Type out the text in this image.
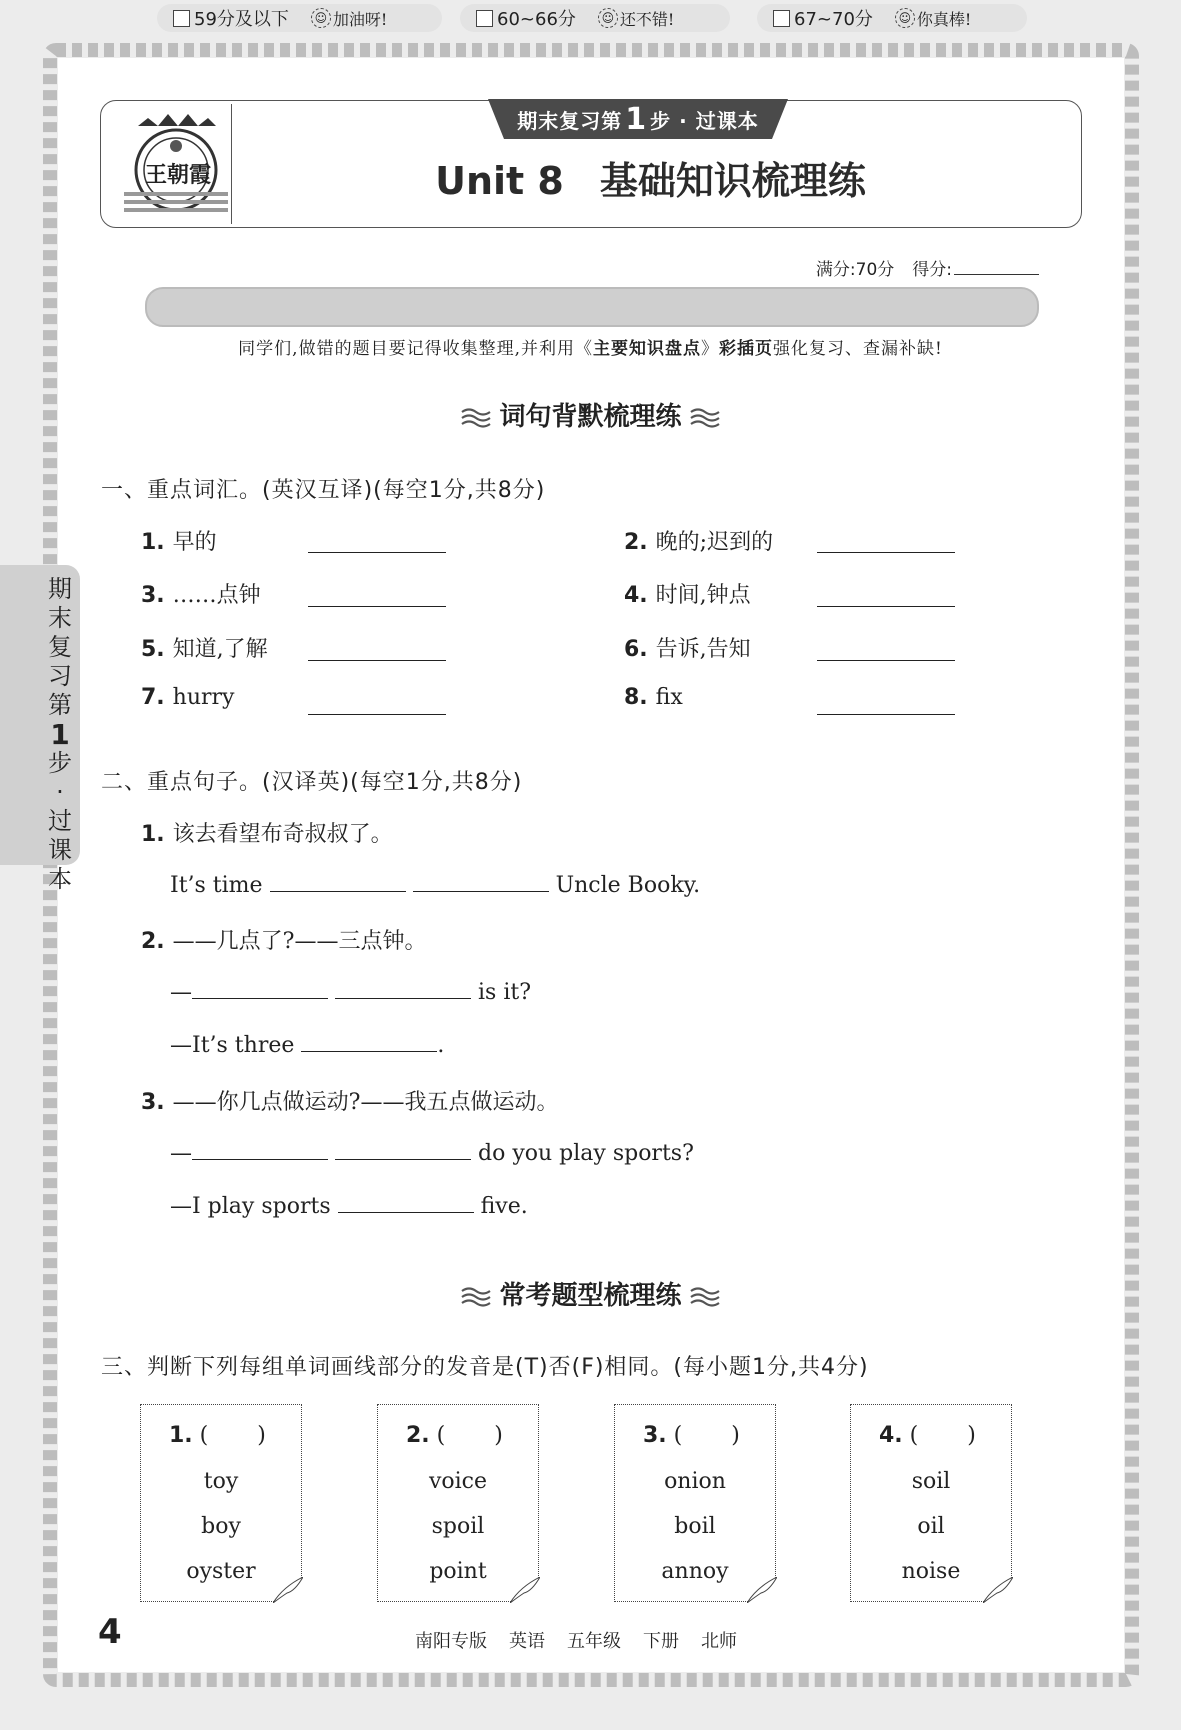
王朝霞
期末复习第 1 步 · 过课本
Unit 8 基础知识梳理练
满分:70分 得分:
59分及以下	☺ 加油呀!	60~66分	☺ 还不错!	67~70分	☺ 你真棒!
同学们,做错的题目要记得收集整理,并利用《主要知识盘点》彩插页强化复习、查漏补缺!
词句背默梳理练
一、重点词汇。(英汉互译)(每空1分,共8分)
1. 早的	2. 晚的;迟到的
3. ……点钟	4. 时间,钟点
5. 知道,了解	6. 告诉,告知
7. hurry	8. fix
期
末
复
习
第
1
步
·
过
课
本
二、重点句子。(汉译英)(每空1分,共8分)
1. 该去看望布奇叔叔了。
It’s time	Uncle Booky.
2. ——几点了?——三点钟。
—	is it?
—It’s three	.
3. ——你几点做运动?——我五点做运动。
—	do you play sports?
—I play sports	five.
常考题型梳理练
三、判断下列每组单词画线部分的发音是(T)否(F)相同。(每小题1分,共4分)
1. (       )
toy
boy
oyster
2. (       )
voice
spoil
point
3. (       )
onion
boil
annoy
4. (       )
soil
oil
noise
4	南阳专版 英语 五年级 下册 北师
